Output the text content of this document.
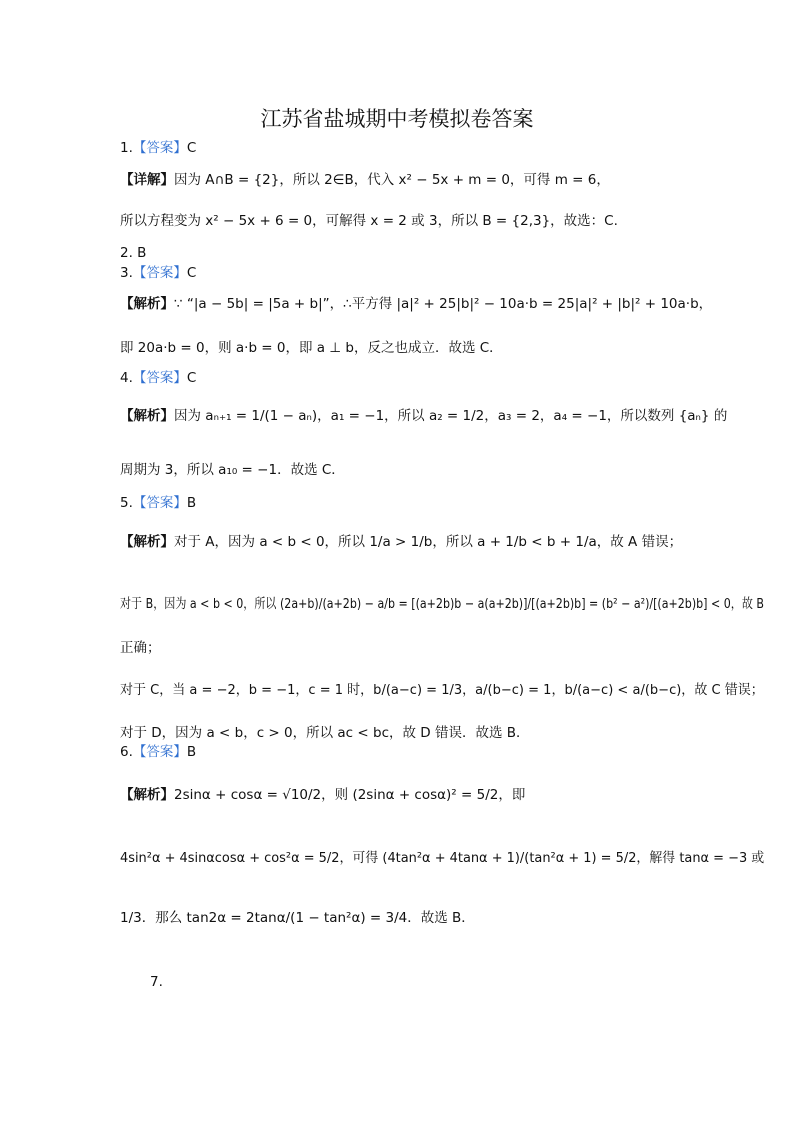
江苏省盐城期中考模拟卷答案
1.【答案】C
【详解】因为 A∩B = {2}，所以 2∈B，代入 x² − 5x + m = 0，可得 m = 6，
所以方程变为 x² − 5x + 6 = 0，可解得 x = 2 或 3，所以 B = {2,3}，故选：C.
2. B
3.【答案】C
【解析】∵ “|a − 5b| = |5a + b|”，∴平方得 |a|² + 25|b|² − 10a·b = 25|a|² + |b|² + 10a·b，
即 20a·b = 0，则 a·b = 0，即 a ⊥ b，反之也成立．故选 C．
4.【答案】C
【解析】因为 aₙ₊₁ = 1/(1 − aₙ)，a₁ = −1，所以 a₂ = 1/2，a₃ = 2，a₄ = −1，所以数列 {aₙ} 的
周期为 3，所以 a₁₀ = −1．故选 C．
5.【答案】B
【解析】对于 A，因为 a < b < 0，所以 1/a > 1/b，所以 a + 1/b < b + 1/a，故 A 错误；
对于 B，因为 a < b < 0，所以 (2a+b)/(a+2b) − a/b = [(a+2b)b − a(a+2b)]/[(a+2b)b] = (b² − a²)/[(a+2b)b] < 0，故 B
正确；
对于 C，当 a = −2，b = −1，c = 1 时，b/(a−c) = 1/3，a/(b−c) = 1，b/(a−c) < a/(b−c)，故 C 错误；
对于 D，因为 a < b，c > 0，所以 ac < bc，故 D 错误．故选 B．
6.【答案】B
【解析】2sinα + cosα = √10/2，则 (2sinα + cosα)² = 5/2，即
4sin²α + 4sinαcosα + cos²α = 5/2，可得 (4tan²α + 4tanα + 1)/(tan²α + 1) = 5/2，解得 tanα = −3 或
1/3．那么 tan2α = 2tanα/(1 − tan²α) = 3/4．故选 B．
7.
